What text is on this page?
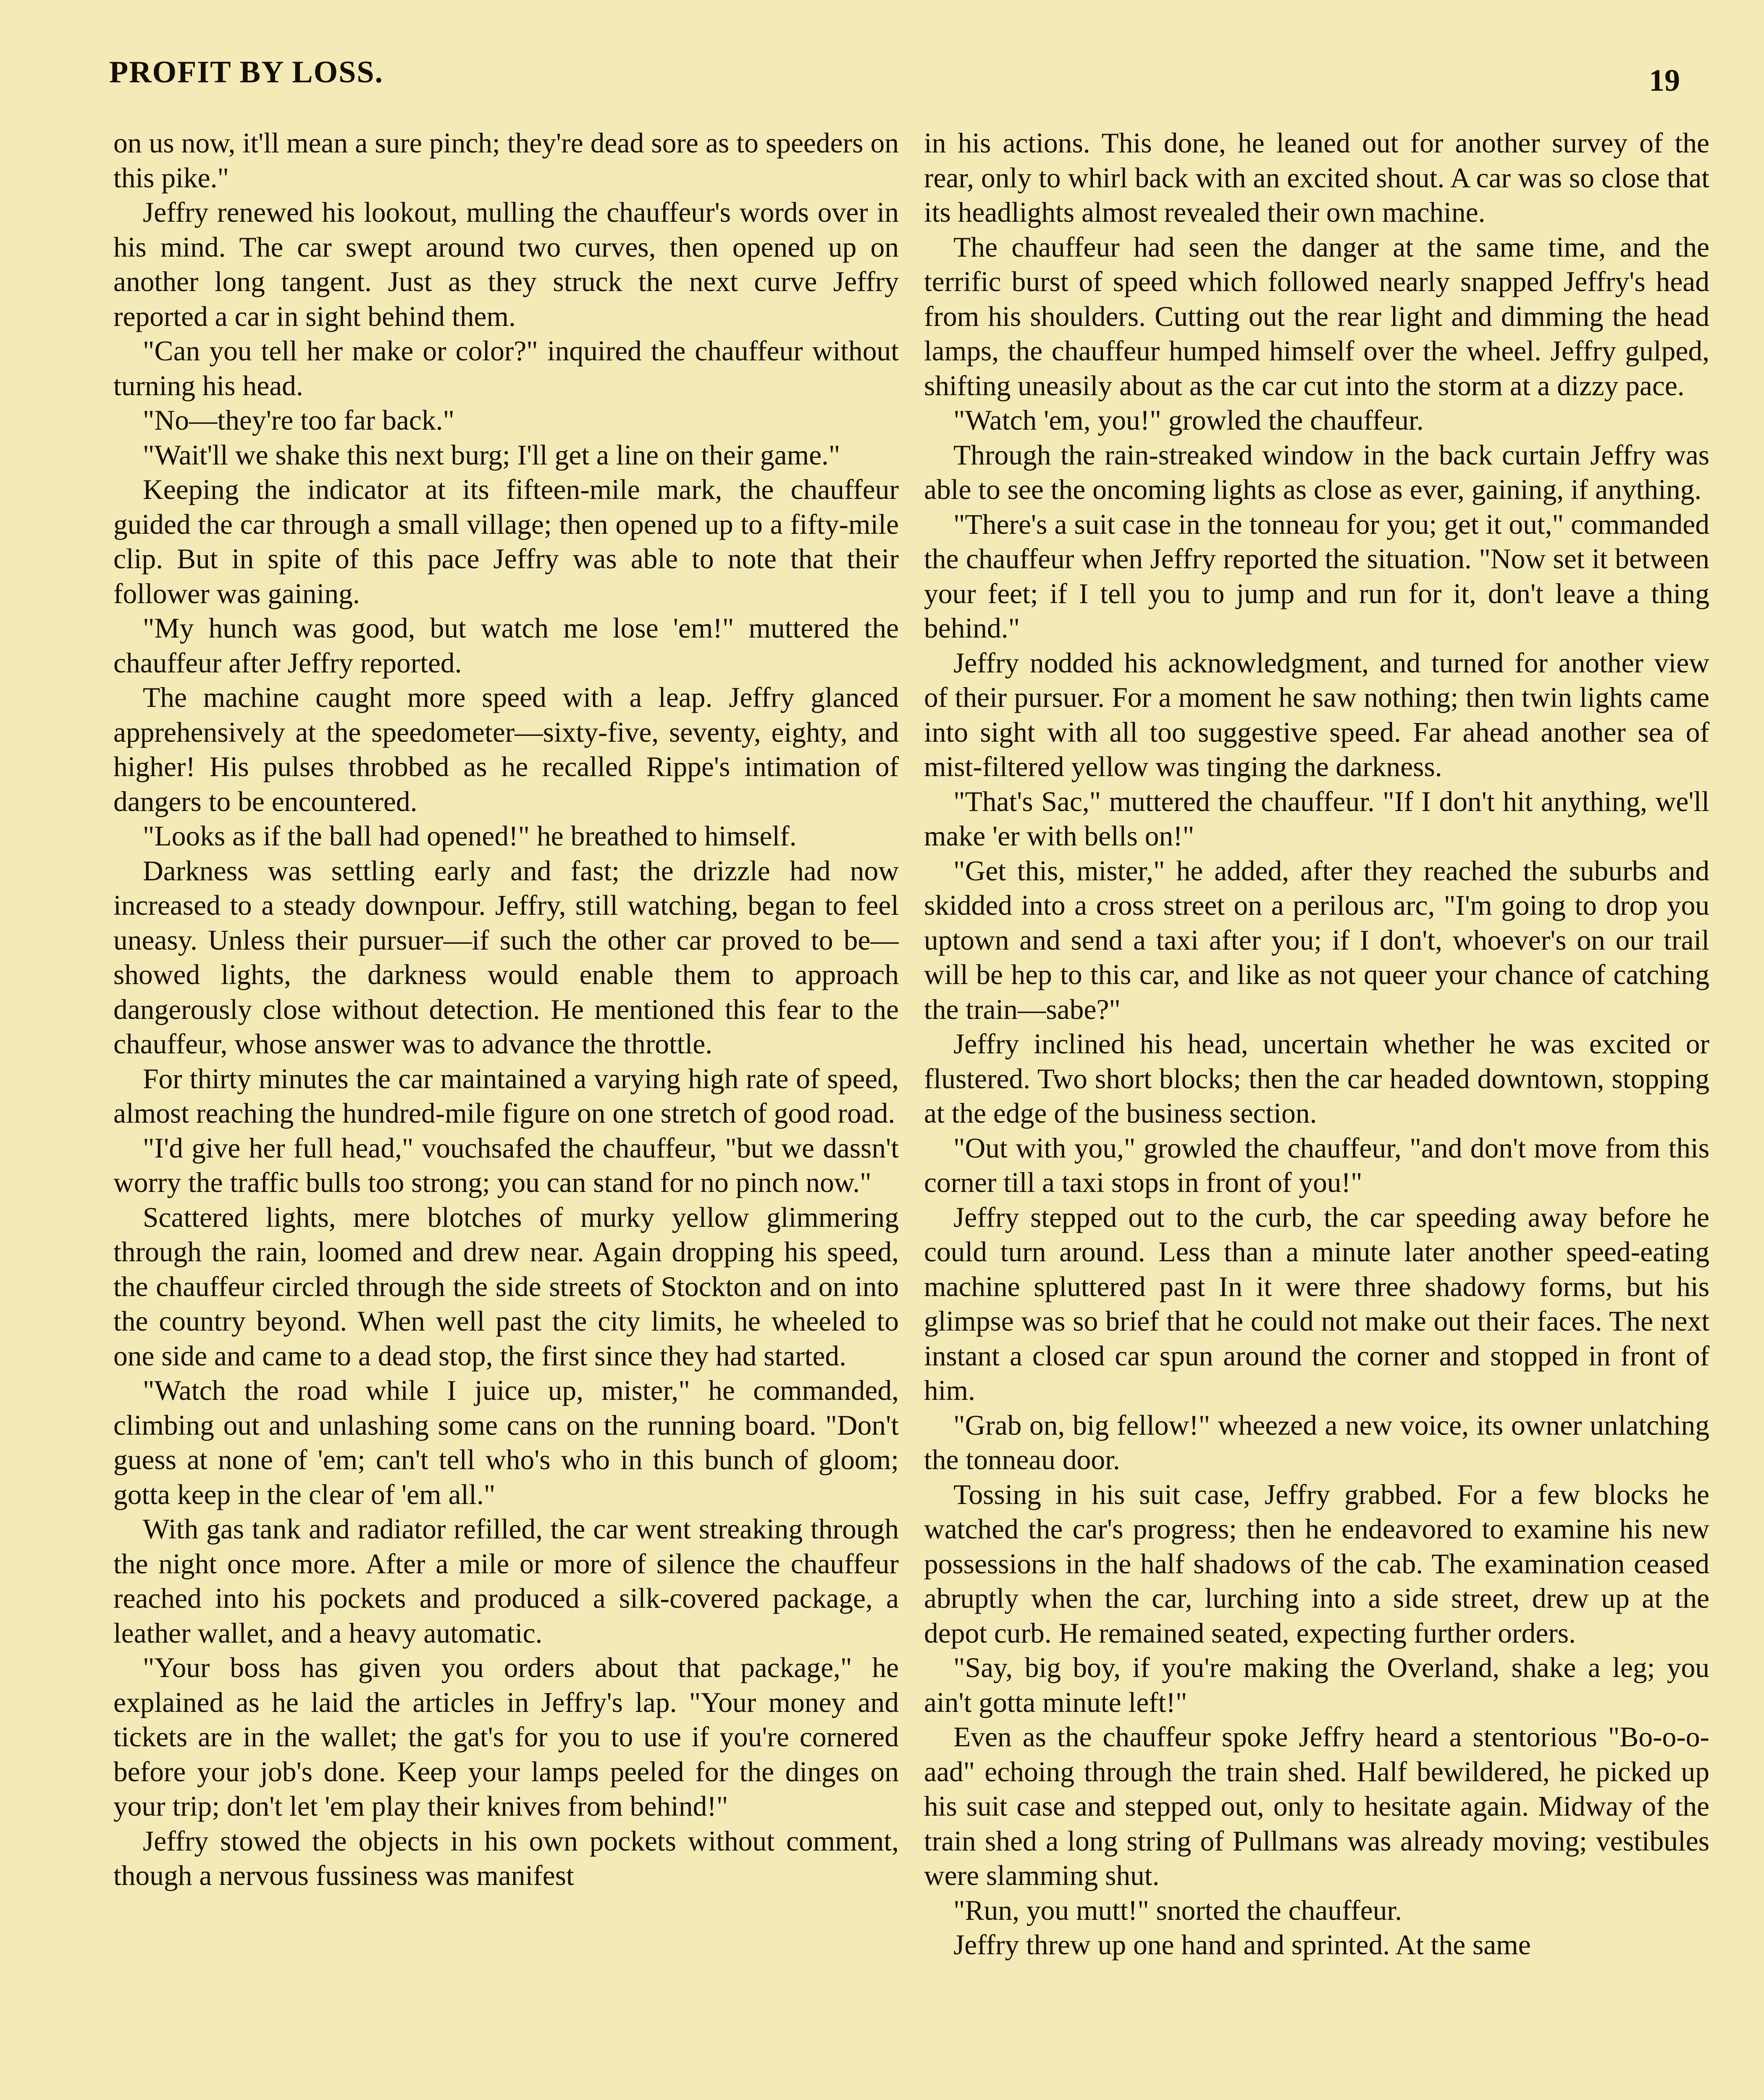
PROFIT BY LOSS.	19

on us now, it'll mean a sure pinch; they're dead sore as to speeders on this pike."

Jeffry renewed his lookout, mulling the chauffeur's words over in his mind. The car swept around two curves, then opened up on another long tangent. Just as they struck the next curve Jeffry reported a car in sight behind them.

"Can you tell her make or color?" inquired the chauffeur without turning his head.

"No—they're too far back."

"Wait'll we shake this next burg; I'll get a line on their game."

Keeping the indicator at its fifteen-mile mark, the chauffeur guided the car through a small village; then opened up to a fifty-mile clip. But in spite of this pace Jeffry was able to note that their follower was gaining.

"My hunch was good, but watch me lose 'em!" muttered the chauffeur after Jeffry reported.

The machine caught more speed with a leap. Jeffry glanced apprehensively at the speedometer—sixty-five, seventy, eighty, and higher! His pulses throbbed as he recalled Rippe's intimation of dangers to be encountered.

"Looks as if the ball had opened!" he breathed to himself.

Darkness was settling early and fast; the drizzle had now increased to a steady downpour. Jeffry, still watching, began to feel uneasy. Unless their pursuer—if such the other car proved to be—showed lights, the darkness would enable them to approach dangerously close without detection. He mentioned this fear to the chauffeur, whose answer was to advance the throttle.

For thirty minutes the car maintained a varying high rate of speed, almost reaching the hundred-mile figure on one stretch of good road.

"I'd give her full head," vouchsafed the chauffeur, "but we dassn't worry the traffic bulls too strong; you can stand for no pinch now."

Scattered lights, mere blotches of murky yellow glimmering through the rain, loomed and drew near. Again dropping his speed, the chauffeur circled through the side streets of Stockton and on into the country beyond. When well past the city limits, he wheeled to one side and came to a dead stop, the first since they had started.

"Watch the road while I juice up, mister," he commanded, climbing out and unlashing some cans on the running board. "Don't guess at none of 'em; can't tell who's who in this bunch of gloom; gotta keep in the clear of 'em all."

With gas tank and radiator refilled, the car went streaking through the night once more. After a mile or more of silence the chauffeur reached into his pockets and produced a silk-covered package, a leather wallet, and a heavy automatic.

"Your boss has given you orders about that package," he explained as he laid the articles in Jeffry's lap. "Your money and tickets are in the wallet; the gat's for you to use if you're cornered before your job's done. Keep your lamps peeled for the dinges on your trip; don't let 'em play their knives from behind!"

Jeffry stowed the objects in his own pockets without comment, though a nervous fussiness was manifest

in his actions. This done, he leaned out for another survey of the rear, only to whirl back with an excited shout. A car was so close that its headlights almost revealed their own machine.

The chauffeur had seen the danger at the same time, and the terrific burst of speed which followed nearly snapped Jeffry's head from his shoulders. Cutting out the rear light and dimming the head lamps, the chauffeur humped himself over the wheel. Jeffry gulped, shifting uneasily about as the car cut into the storm at a dizzy pace.

"Watch 'em, you!" growled the chauffeur.

Through the rain-streaked window in the back curtain Jeffry was able to see the oncoming lights as close as ever, gaining, if anything.

"There's a suit case in the tonneau for you; get it out," commanded the chauffeur when Jeffry reported the situation. "Now set it between your feet; if I tell you to jump and run for it, don't leave a thing behind."

Jeffry nodded his acknowledgment, and turned for another view of their pursuer. For a moment he saw nothing; then twin lights came into sight with all too suggestive speed. Far ahead another sea of mist-filtered yellow was tinging the darkness.

"That's Sac," muttered the chauffeur. "If I don't hit anything, we'll make 'er with bells on!"

"Get this, mister," he added, after they reached the suburbs and skidded into a cross street on a perilous arc, "I'm going to drop you uptown and send a taxi after you; if I don't, whoever's on our trail will be hep to this car, and like as not queer your chance of catching the train—sabe?"

Jeffry inclined his head, uncertain whether he was excited or flustered. Two short blocks; then the car headed downtown, stopping at the edge of the business section.

"Out with you," growled the chauffeur, "and don't move from this corner till a taxi stops in front of you!"

Jeffry stepped out to the curb, the car speeding away before he could turn around. Less than a minute later another speed-eating machine spluttered past In it were three shadowy forms, but his glimpse was so brief that he could not make out their faces. The next instant a closed car spun around the corner and stopped in front of him.

"Grab on, big fellow!" wheezed a new voice, its owner unlatching the tonneau door.

Tossing in his suit case, Jeffry grabbed. For a few blocks he watched the car's progress; then he endeavored to examine his new possessions in the half shadows of the cab. The examination ceased abruptly when the car, lurching into a side street, drew up at the depot curb. He remained seated, expecting further orders.

"Say, big boy, if you're making the Overland, shake a leg; you ain't gotta minute left!"

Even as the chauffeur spoke Jeffry heard a stentorious "Bo-o-o-aad" echoing through the train shed. Half bewildered, he picked up his suit case and stepped out, only to hesitate again. Midway of the train shed a long string of Pullmans was already moving; vestibules were slamming shut.

"Run, you mutt!" snorted the chauffeur.

Jeffry threw up one hand and sprinted. At the same
